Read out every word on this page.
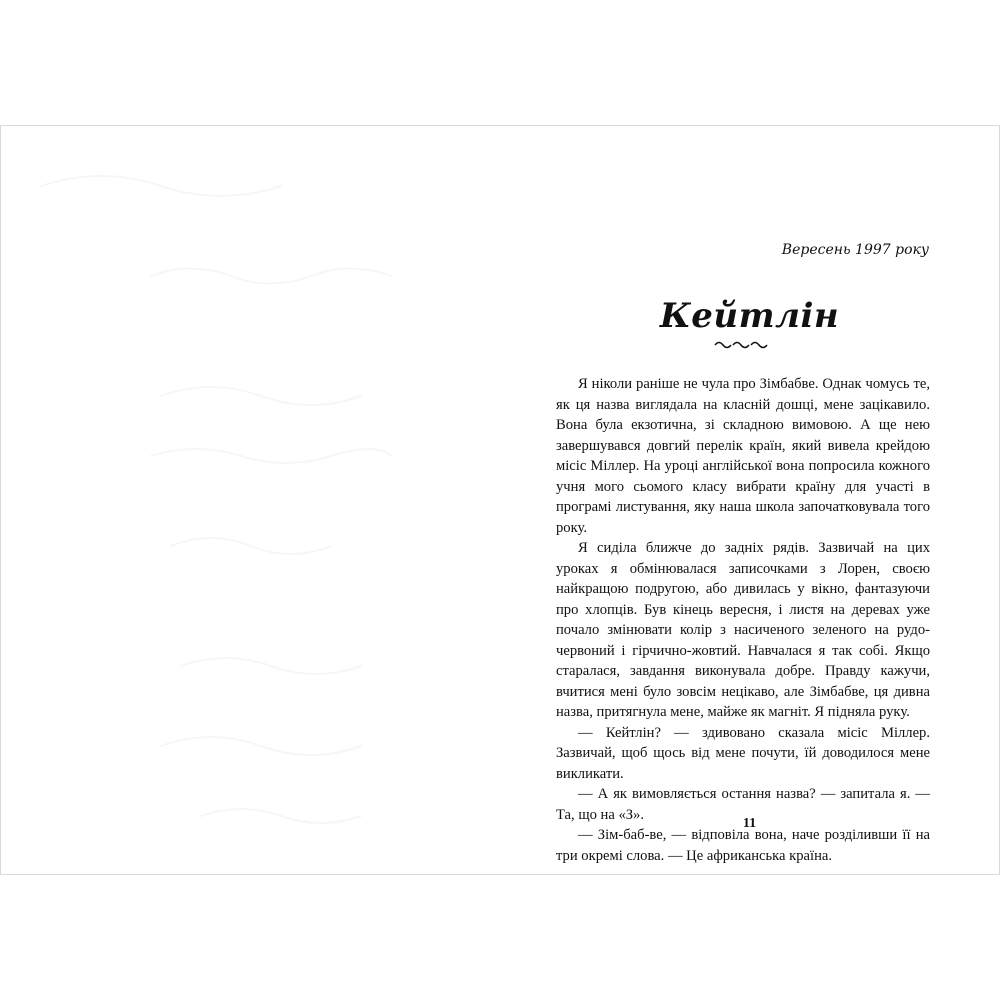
Вересень 1997 року

Кейтлін

Я ніколи раніше не чула про Зімбабве. Однак чомусь те, як ця назва виглядала на класній дошці, мене зацікавило. Вона була екзотична, зі складною вимовою. А ще нею завершувався довгий перелік країн, який вивела крейдою місіс Міллер. На уроці англійської вона попросила кожного учня мого сьомого класу вибрати країну для участі в програмі листування, яку наша школа започатковувала того року.

Я сиділа ближче до задніх рядів. Зазвичай на цих уроках я обмінювалася записочками з Лорен, своєю найкращою подругою, або дивилась у вікно, фантазуючи про хлопців. Був кінець вересня, і листя на деревах уже почало змінювати колір з насиченого зеленого на рудо-червоний і гірчично-жовтий. Навчалася я так собі. Якщо старалася, завдання виконувала добре. Правду кажучи, вчитися мені було зовсім нецікаво, але Зімбабве, ця дивна назва, притягнула мене, майже як магніт. Я підняла руку.

— Кейтлін? — здивовано сказала місіс Міллер. Зазвичай, щоб щось від мене почути, їй доводилося мене викликати.

— А як вимовляється остання назва? — запитала я. — Та, що на «З».

— Зім-баб-ве, — відповіла вона, наче розділивши її на три окремі слова. — Це африканська країна.

11
